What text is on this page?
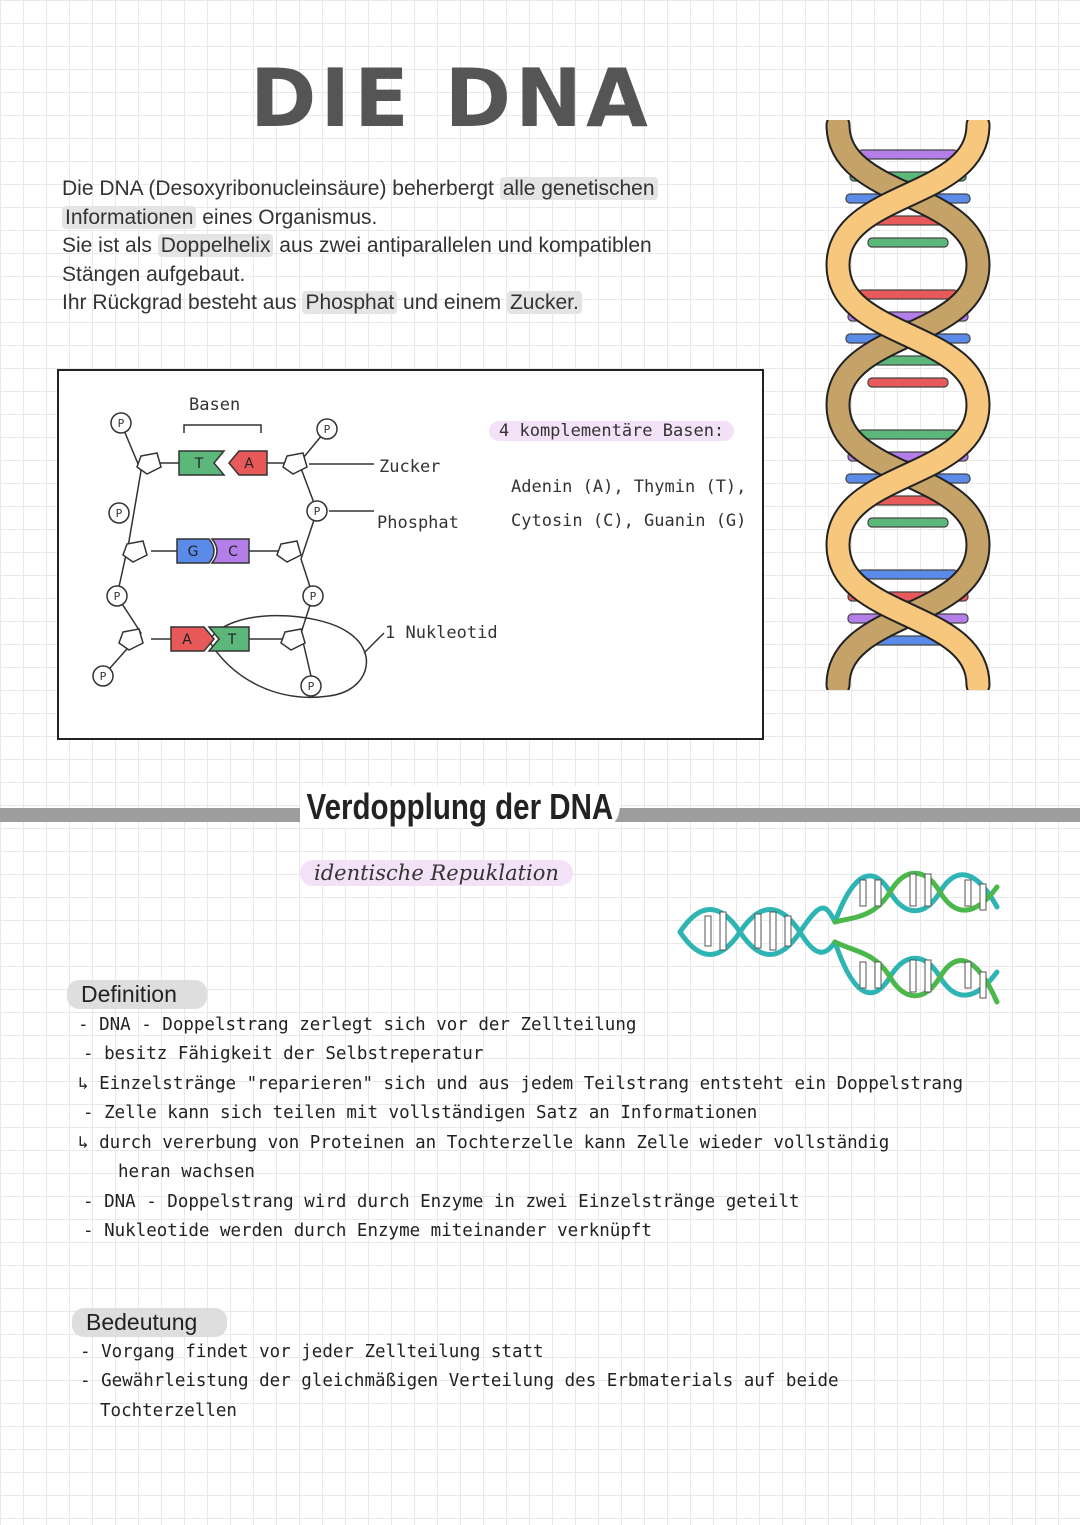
DIE DNA

Die DNA (Desoxyribonucleinsäure) beherbergt alle genetischen
Informationen eines Organismus.
Sie ist als Doppelhelix aus zwei antiparallelen und kompatiblen
Stängen aufgebaut.
Ihr Rückgrad besteht aus Phosphat und einem Zucker.

P	P
P	P
P	P
P
P
T	A
G C
A	T
Basen
Zucker
Phosphat
1 Nukleotid
4 komplementäre Basen:
Adenin (A), Thymin (T),
Cytosin (C), Guanin (G)
Verdopplung der DNA
identische Repuklation
Definition
- DNA - Doppelstrang zerlegt sich vor der Zellteilung
- besitz Fähigkeit der Selbstreperatur
↳ Einzelstränge "reparieren" sich und aus jedem Teilstrang entsteht ein Doppelstrang
- Zelle kann sich teilen mit vollständigen Satz an Informationen
↳ durch vererbung von Proteinen an Tochterzelle kann Zelle wieder vollständig
heran wachsen
- DNA - Doppelstrang wird durch Enzyme in zwei Einzelstränge geteilt
- Nukleotide werden durch Enzyme miteinander verknüpft
Bedeutung
- Vorgang findet vor jeder Zellteilung statt
- Gewährleistung der gleichmäßigen Verteilung des Erbmaterials auf beide
Tochterzellen
